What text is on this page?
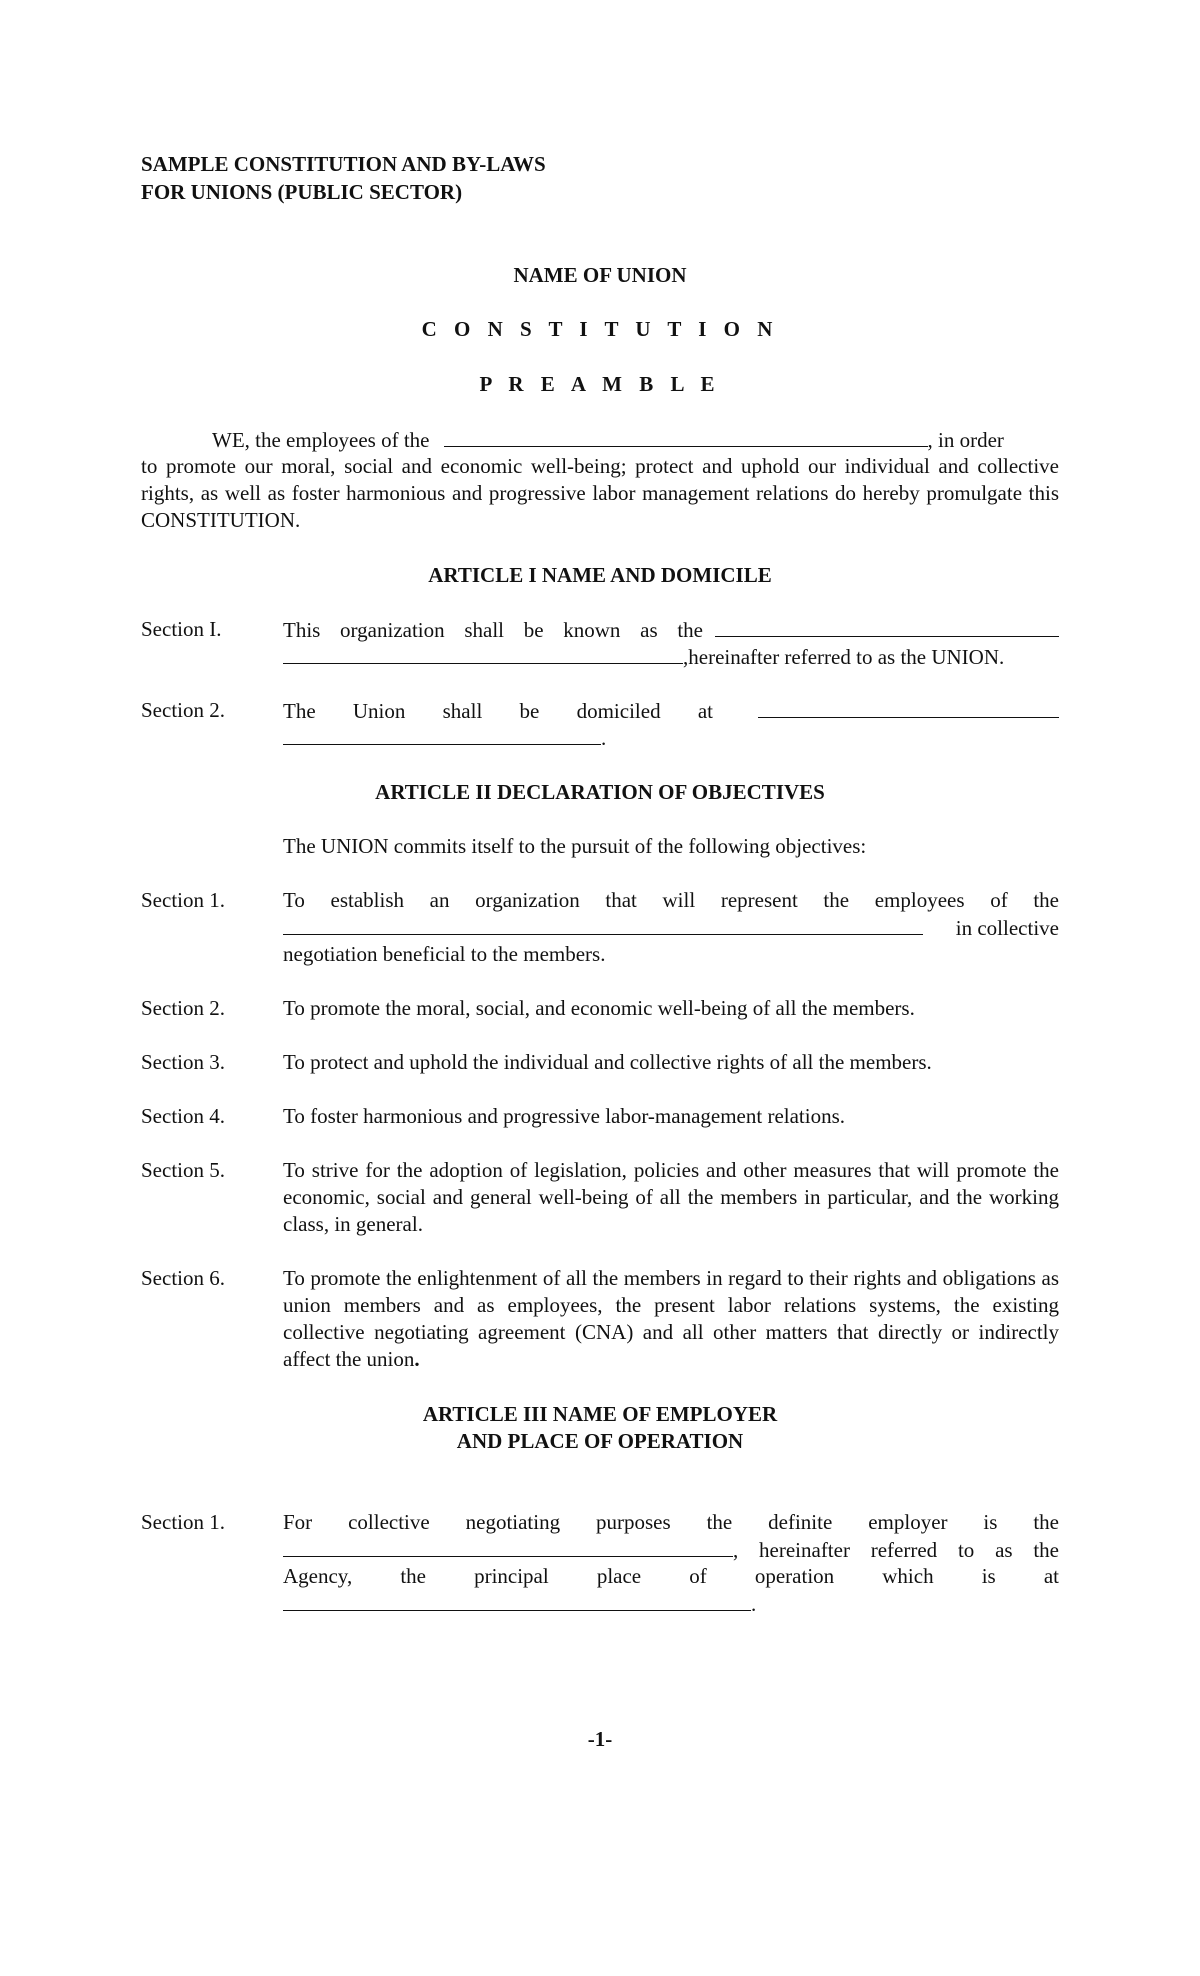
SAMPLE CONSTITUTION AND BY-LAWS
FOR UNIONS (PUBLIC SECTOR)
NAME OF UNION
C O N S T I T U T I O N
P R E A M B L E
WE, the employees of the	, in order
to promote our moral, social and economic well-being; protect and uphold our individual and collective rights, as well as foster harmonious and progressive labor management relations do hereby promulgate this CONSTITUTION.
ARTICLE I NAME AND DOMICILE
Section I.	This organization shall be known as the
,hereinafter referred to as the UNION.
Section 2.	The Union shall be domiciled at
.
ARTICLE II DECLARATION OF OBJECTIVES
The UNION commits itself to the pursuit of the following objectives:
Section 1.	To establish an organization that will represent the employees of the
in collective
negotiation beneficial to the members.
Section 2.	To promote the moral, social, and economic well-being of all the members.
Section 3.	To protect and uphold the individual and collective rights of all the members.
Section 4.	To foster harmonious and progressive labor-management relations.
Section 5.	To strive for the adoption of legislation, policies and other measures that will promote the economic, social and general well-being of all the members in particular, and the working class, in general.
Section 6.	To promote the enlightenment of all the members in regard to their rights and obligations as union members and as employees, the present labor relations systems, the existing collective negotiating agreement (CNA) and all other matters that directly or indirectly affect the union.
ARTICLE III NAME OF EMPLOYER
AND PLACE OF OPERATION
Section 1.	For collective negotiating purposes the definite employer is the
, hereinafter referred to as the
Agency, the principal place of operation which is at
.
-1-
